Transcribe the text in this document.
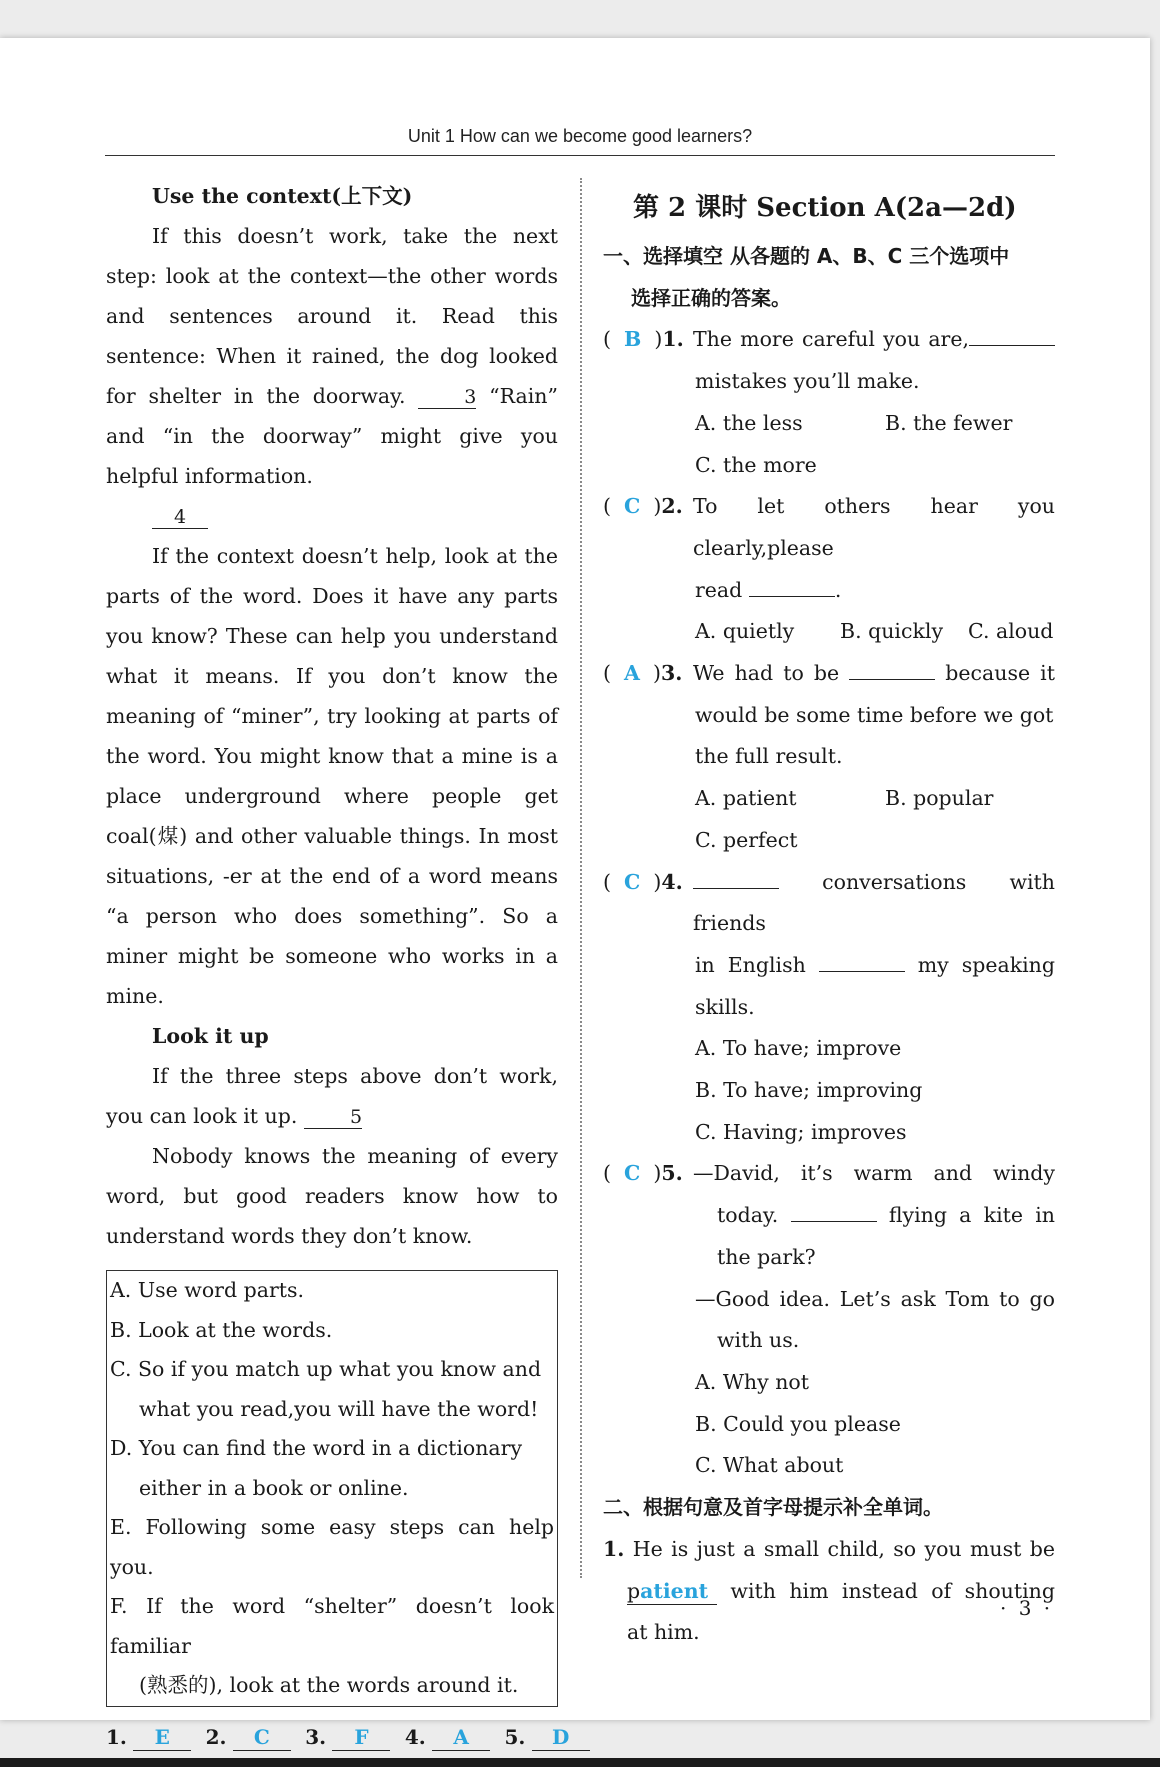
Unit 1 How can we become good learners?

Use the context(上下文)

If this doesn’t work, take the next step: look at the context—the other words and sentences around it. Read this sentence: When it rained, the dog looked for shelter in the doorway.	3 “Rain” and “in the doorway” might give you helpful information.

4

If the context doesn’t help, look at the parts of the word. Does it have any parts you know? These can help you understand what it means. If you don’t know the meaning of “miner”, try looking at parts of the word. You might know that a mine is a place underground where people get coal(煤) and other valuable things. In most situations, -er at the end of a word means “a person who does something”. So a miner might be someone who works in a mine.

Look it up

If the three steps above don’t work, you can look it up.	5

Nobody knows the meaning of every word, but good readers know how to understand words they don’t know.

A. Use word parts.
B. Look at the words.
C. So if you match up what you know and
what you read,you will have the word!
D. You can find the word in a dictionary
either in a book or online.
E. Following some easy steps can help you.
F. If the word “shelter” doesn’t look familiar
(熟悉的), look at the words around it.
1. E 2. C 3. F 4. A 5. D
第 2 课时 Section A(2a—2d)
一、选择填空 从各题的 A、B、C 三个选项中
选择正确的答案。
(  B  )1. The more careful you are,
mistakes you’ll make.
A. the less	B. the fewer
C. the more
(  C  )2. To let others hear you clearly,please
read	.
A. quietly	B. quickly	C. aloud
(  A  )3. We had to be	because it
would be some time before we got
the full result.
A. patient	B. popular
C. perfect
(  C  )4.	conversations with friends
in English	my speaking
skills.
A. To have; improve
B. To have; improving
C. Having; improves
(  C  )5. —David, it’s warm and windy
today.	flying a kite in
the park?
—Good idea. Let’s ask Tom to go
with us.
A. Why not
B. Could you please
C. What about
二、根据句意及首字母提示补全单词。
1. He is just a small child, so you must be
patient with him instead of shouting
at him.
· 3 ·
